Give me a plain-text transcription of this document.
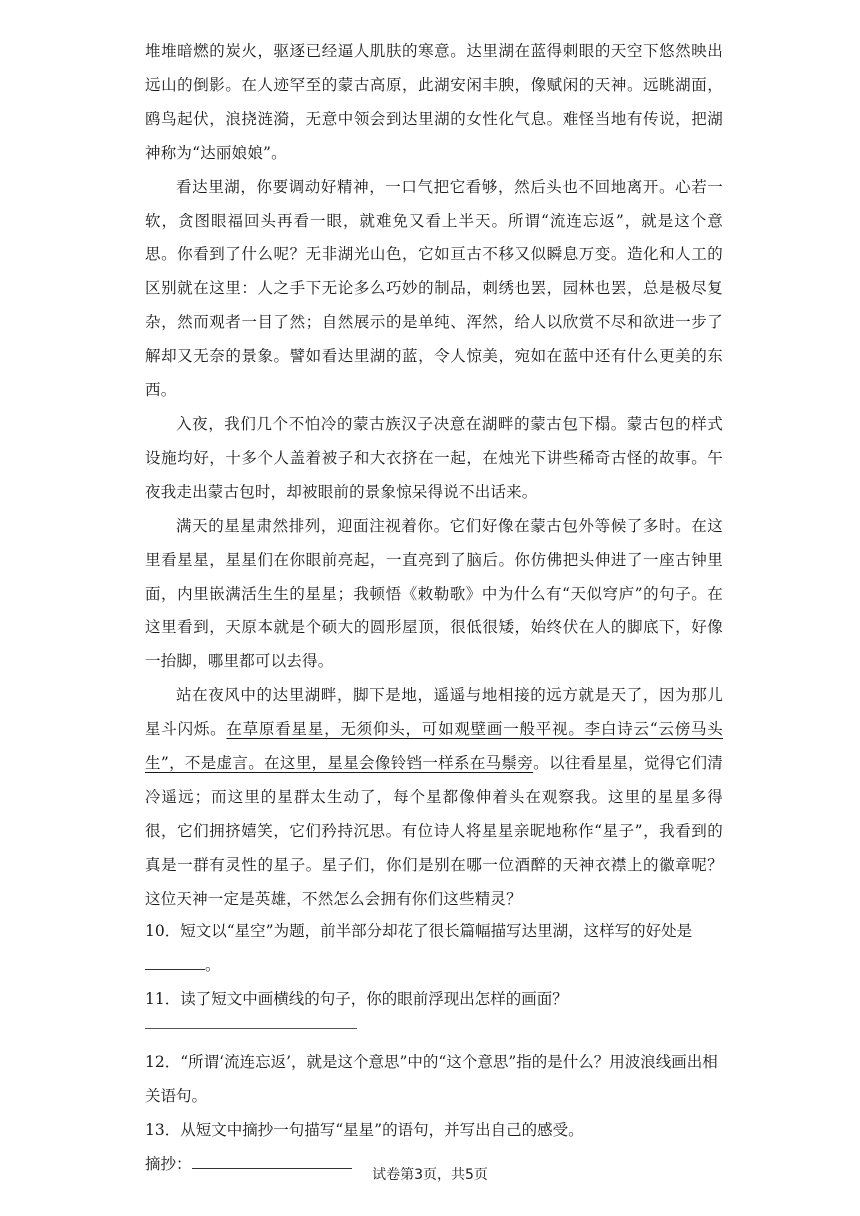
堆堆暗燃的炭火，驱逐已经逼人肌肤的寒意。达里湖在蓝得刺眼的天空下悠然映出远山的倒影。在人迹罕至的蒙古高原，此湖安闲丰腴，像赋闲的天神。远眺湖面，鸥鸟起伏，浪挠涟漪，无意中领会到达里湖的女性化气息。难怪当地有传说，把湖神称为“达丽娘娘”。

看达里湖，你要调动好精神，一口气把它看够，然后头也不回地离开。心若一软，贪图眼福回头再看一眼，就难免又看上半天。所谓“流连忘返”，就是这个意思。你看到了什么呢？无非湖光山色，它如亘古不移又似瞬息万变。造化和人工的区别就在这里：人之手下无论多么巧妙的制品，刺绣也罢，园林也罢，总是极尽复杂，然而观者一目了然；自然展示的是单纯、浑然，给人以欣赏不尽和欲进一步了解却又无奈的景象。譬如看达里湖的蓝，令人惊美，宛如在蓝中还有什么更美的东西。

入夜，我们几个不怕冷的蒙古族汉子决意在湖畔的蒙古包下榻。蒙古包的样式设施均好，十多个人盖着被子和大衣挤在一起，在烛光下讲些稀奇古怪的故事。午夜我走出蒙古包时，却被眼前的景象惊呆得说不出话来。

满天的星星肃然排列，迎面注视着你。它们好像在蒙古包外等候了多时。在这里看星星，星星们在你眼前亮起，一直亮到了脑后。你仿佛把头伸进了一座古钟里面，内里嵌满活生生的星星；我顿悟《敕勒歌》中为什么有“天似穹庐”的句子。在这里看到，天原本就是个硕大的圆形屋顶，很低很矮，始终伏在人的脚底下，好像一抬脚，哪里都可以去得。

站在夜风中的达里湖畔，脚下是地，遥遥与地相接的远方就是天了，因为那儿星斗闪烁。在草原看星星，无须仰头，可如观壁画一般平视。李白诗云“云傍马头生”，不是虚言。在这里，星星会像铃铛一样系在马鬃旁。以往看星星，觉得它们清冷遥远；而这里的星群太生动了，每个星都像伸着头在观察我。这里的星星多得很，它们拥挤嬉笑，它们矜持沉思。有位诗人将星星亲昵地称作“星子”，我看到的真是一群有灵性的星子。星子们，你们是别在哪一位酒醉的天神衣襟上的徽章呢？这位天神一定是英雄，不然怎么会拥有你们这些精灵？

10．短文以“星空”为题，前半部分却花了很长篇幅描写达里湖，这样写的好处是。

11．读了短文中画横线的句子，你的眼前浮现出怎样的画面？

12．“所谓‘流连忘返’，就是这个意思”中的“这个意思”指的是什么？用波浪线画出相关语句。

13．从短文中摘抄一句描写“星星”的语句，并写出自己的感受。

摘抄：

试卷第3页，共5页
